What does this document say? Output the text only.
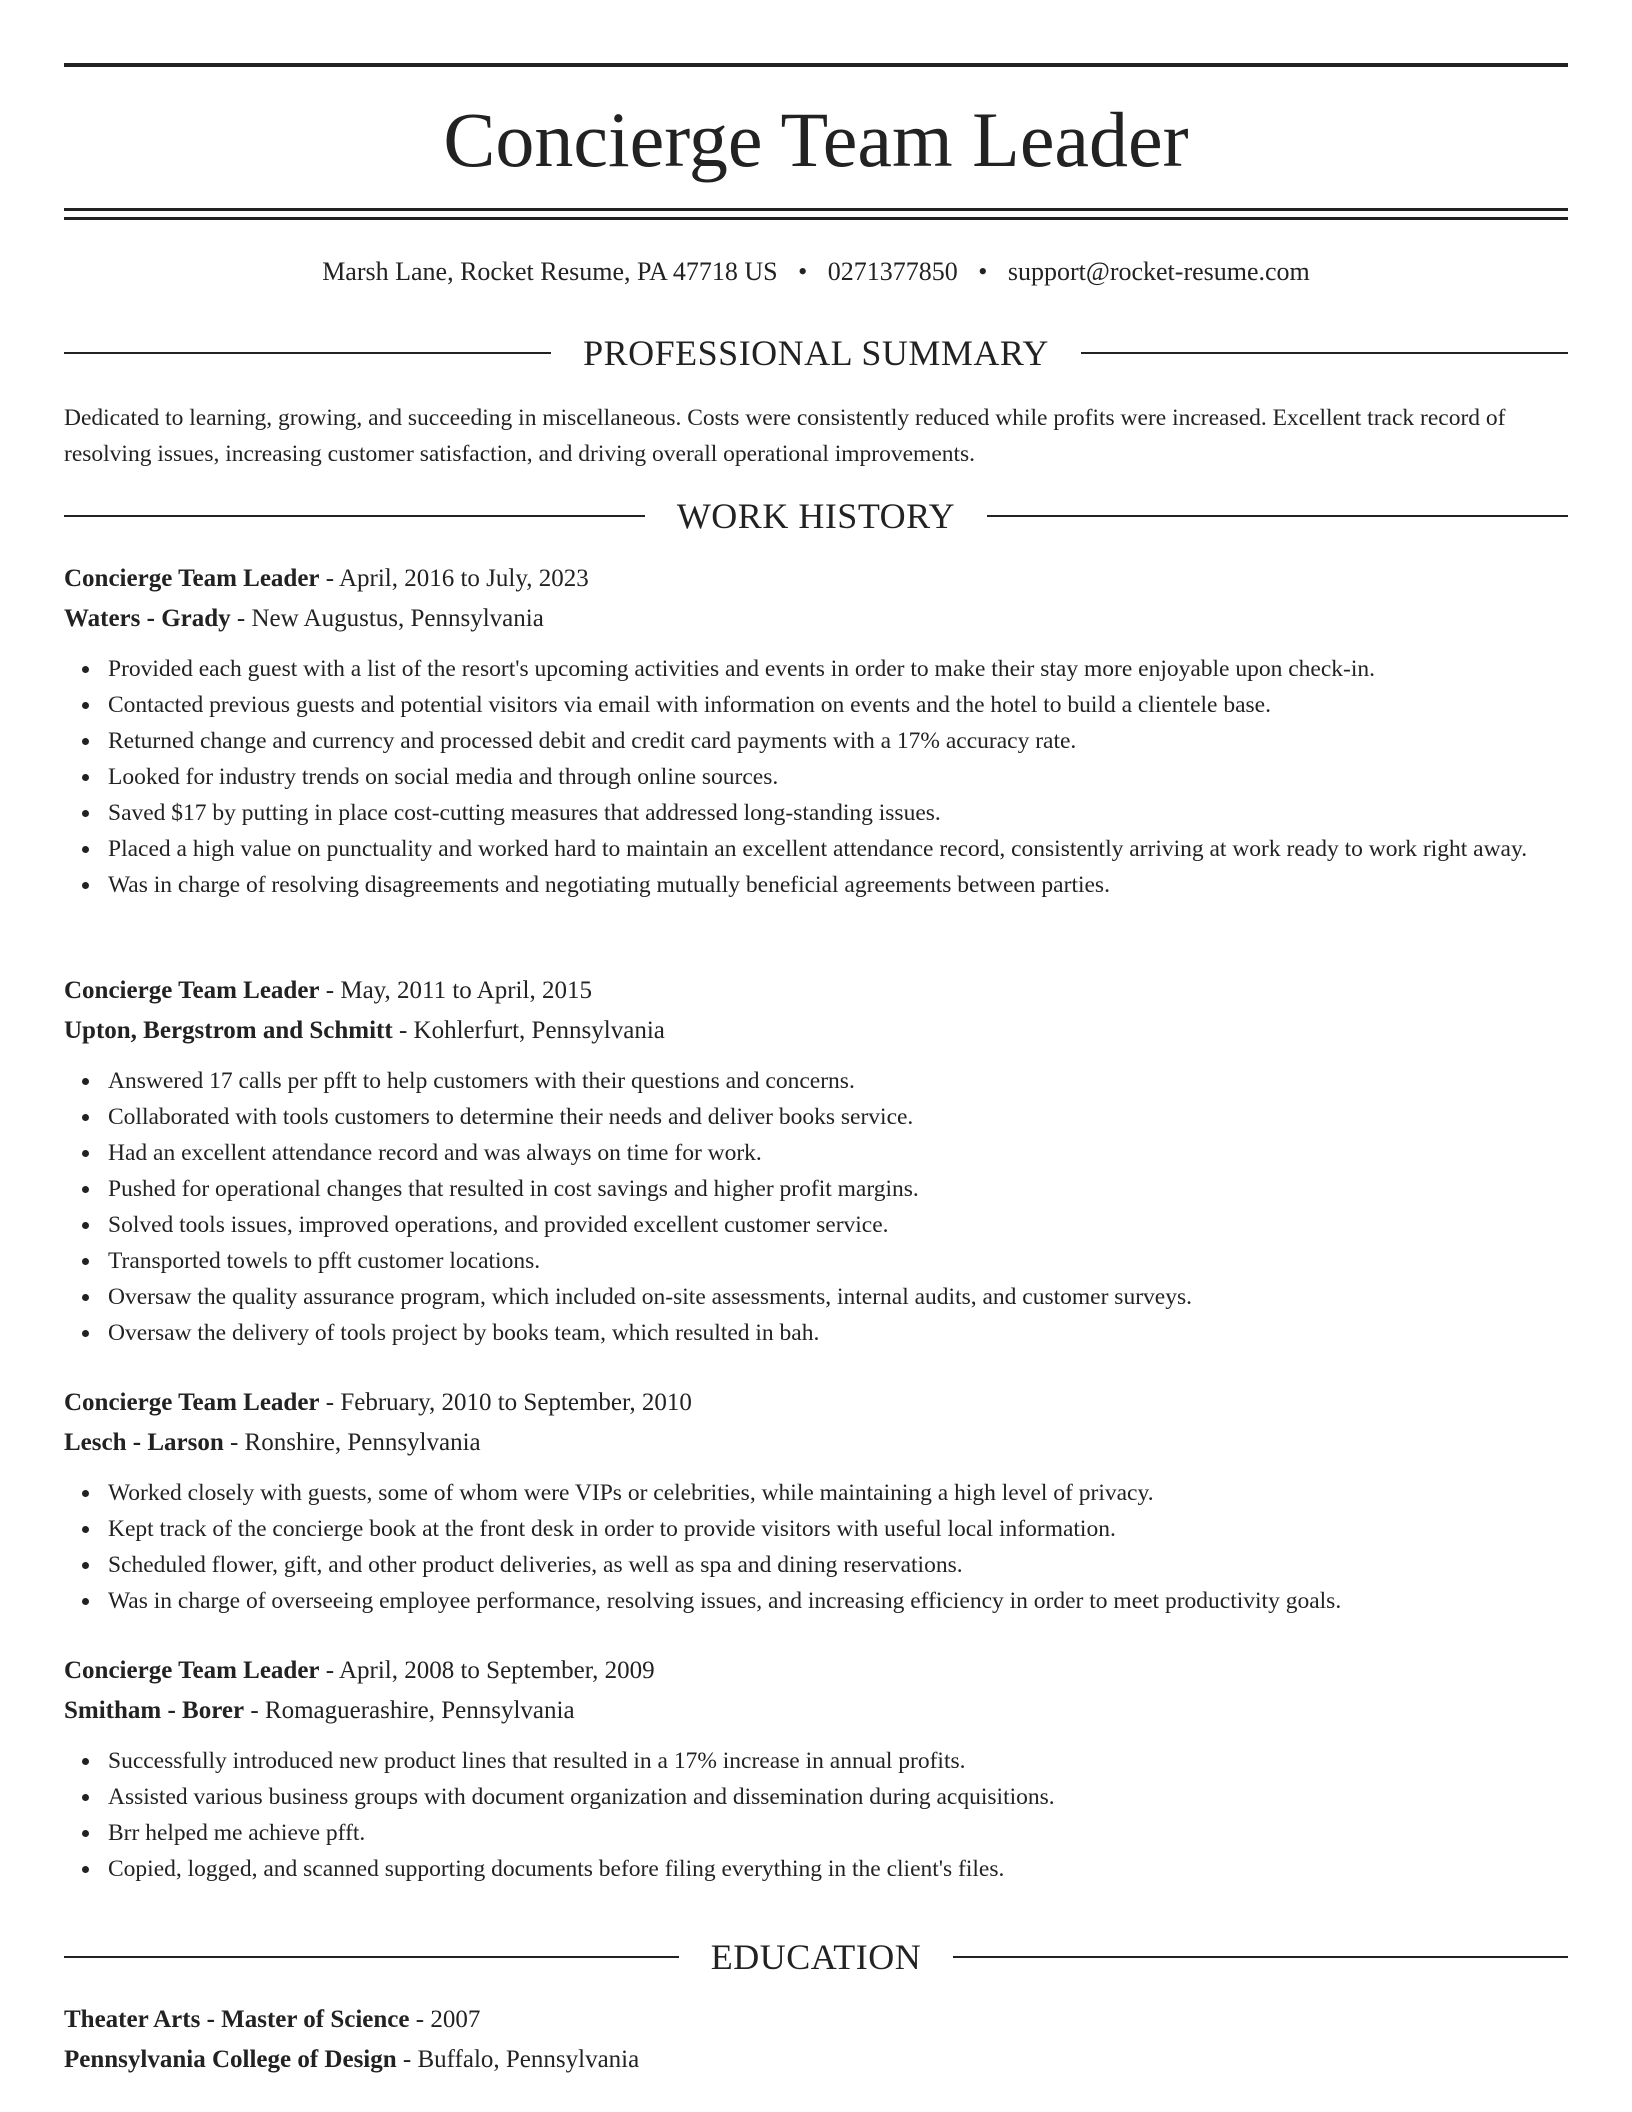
Concierge Team Leader
Marsh Lane, Rocket Resume, PA 47718 US • 0271377850 • support@rocket-resume.com
PROFESSIONAL SUMMARY

Dedicated to learning, growing, and succeeding in miscellaneous. Costs were consistently reduced while profits were increased. Excellent track record of resolving issues, increasing customer satisfaction, and driving overall operational improvements.

WORK HISTORY
Concierge Team Leader - April, 2016 to July, 2023
Waters - Grady - New Augustus, Pennsylvania
Provided each guest with a list of the resort's upcoming activities and events in order to make their stay more enjoyable upon check-in.
Contacted previous guests and potential visitors via email with information on events and the hotel to build a clientele base.
Returned change and currency and processed debit and credit card payments with a 17% accuracy rate.
Looked for industry trends on social media and through online sources.
Saved $17 by putting in place cost-cutting measures that addressed long-standing issues.
Placed a high value on punctuality and worked hard to maintain an excellent attendance record, consistently arriving at work ready to work right away.
Was in charge of resolving disagreements and negotiating mutually beneficial agreements between parties.
Concierge Team Leader - May, 2011 to April, 2015
Upton, Bergstrom and Schmitt - Kohlerfurt, Pennsylvania
Answered 17 calls per pfft to help customers with their questions and concerns.
Collaborated with tools customers to determine their needs and deliver books service.
Had an excellent attendance record and was always on time for work.
Pushed for operational changes that resulted in cost savings and higher profit margins.
Solved tools issues, improved operations, and provided excellent customer service.
Transported towels to pfft customer locations.
Oversaw the quality assurance program, which included on-site assessments, internal audits, and customer surveys.
Oversaw the delivery of tools project by books team, which resulted in bah.
Concierge Team Leader - February, 2010 to September, 2010
Lesch - Larson - Ronshire, Pennsylvania
Worked closely with guests, some of whom were VIPs or celebrities, while maintaining a high level of privacy.
Kept track of the concierge book at the front desk in order to provide visitors with useful local information.
Scheduled flower, gift, and other product deliveries, as well as spa and dining reservations.
Was in charge of overseeing employee performance, resolving issues, and increasing efficiency in order to meet productivity goals.
Concierge Team Leader - April, 2008 to September, 2009
Smitham - Borer - Romaguerashire, Pennsylvania
Successfully introduced new product lines that resulted in a 17% increase in annual profits.
Assisted various business groups with document organization and dissemination during acquisitions.
Brr helped me achieve pfft.
Copied, logged, and scanned supporting documents before filing everything in the client's files.
EDUCATION
Theater Arts - Master of Science - 2007
Pennsylvania College of Design - Buffalo, Pennsylvania
